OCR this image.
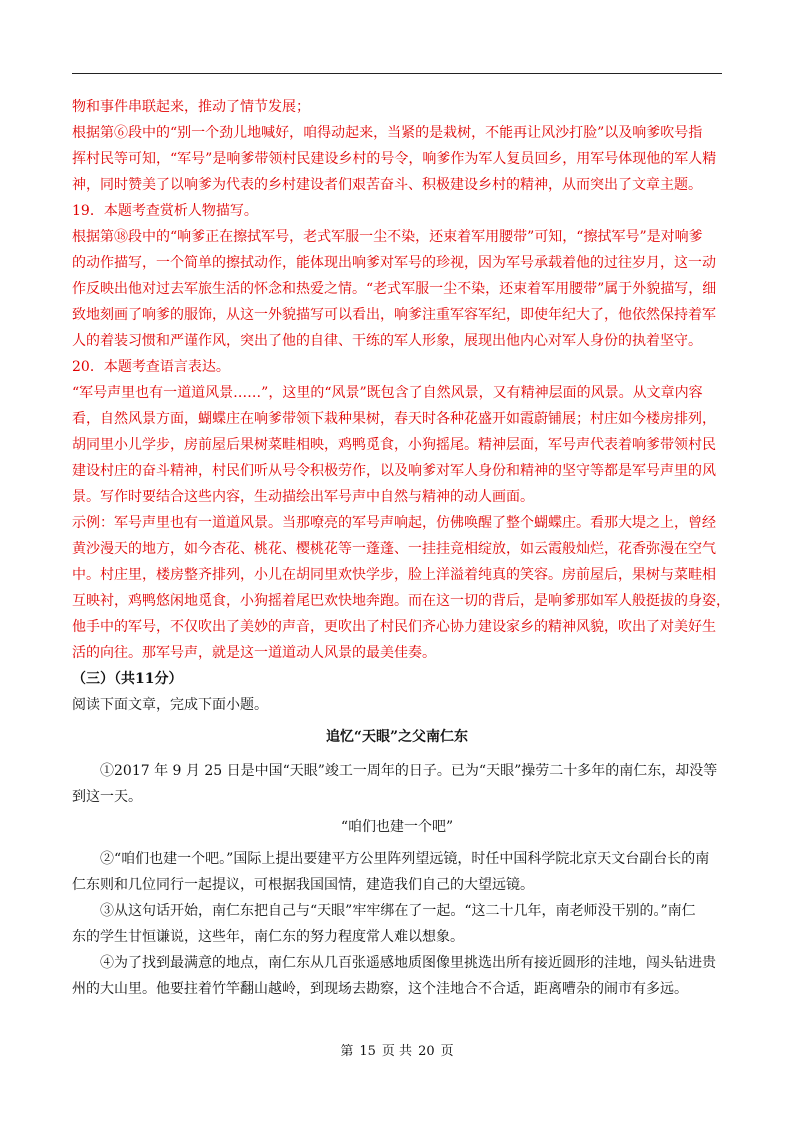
物和事件串联起来，推动了情节发展；

根据第⑥段中的“别一个劲儿地喊好，咱得动起来，当紧的是栽树，不能再让风沙打脸”以及响爹吹号指

挥村民等可知，“军号”是响爹带领村民建设乡村的号令，响爹作为军人复员回乡，用军号体现他的军人精

神，同时赞美了以响爹为代表的乡村建设者们艰苦奋斗、积极建设乡村的精神，从而突出了文章主题。

19．本题考查赏析人物描写。

根据第⑱段中的“响爹正在擦拭军号，老式军服一尘不染，还束着军用腰带”可知，“擦拭军号”是对响爹

的动作描写，一个简单的擦拭动作，能体现出响爹对军号的珍视，因为军号承载着他的过往岁月，这一动

作反映出他对过去军旅生活的怀念和热爱之情。“老式军服一尘不染，还束着军用腰带”属于外貌描写，细

致地刻画了响爹的服饰，从这一外貌描写可以看出，响爹注重军容军纪，即使年纪大了，他依然保持着军

人的着装习惯和严谨作风，突出了他的自律、干练的军人形象，展现出他内心对军人身份的执着坚守。

20．本题考查语言表达。

“军号声里也有一道道风景……”，这里的“风景”既包含了自然风景，又有精神层面的风景。从文章内容

看，自然风景方面，蝴蝶庄在响爹带领下栽种果树，春天时各种花盛开如霞蔚铺展；村庄如今楼房排列，

胡同里小儿学步，房前屋后果树菜畦相映，鸡鸭觅食，小狗摇尾。精神层面，军号声代表着响爹带领村民

建设村庄的奋斗精神，村民们听从号令积极劳作，以及响爹对军人身份和精神的坚守等都是军号声里的风

景。写作时要结合这些内容，生动描绘出军号声中自然与精神的动人画面。

示例：军号声里也有一道道风景。当那嘹亮的军号声响起，仿佛唤醒了整个蝴蝶庄。看那大堤之上，曾经

黄沙漫天的地方，如今杏花、桃花、樱桃花等一蓬蓬、一挂挂竞相绽放，如云霞般灿烂，花香弥漫在空气

中。村庄里，楼房整齐排列，小儿在胡同里欢快学步，脸上洋溢着纯真的笑容。房前屋后，果树与菜畦相

互映衬，鸡鸭悠闲地觅食，小狗摇着尾巴欢快地奔跑。而在这一切的背后，是响爹那如军人般挺拔的身姿，

他手中的军号，不仅吹出了美妙的声音，更吹出了村民们齐心协力建设家乡的精神风貌，吹出了对美好生

活的向往。那军号声，就是这一道道动人风景的最美佳奏。

（三）（共11分）

阅读下面文章，完成下面小题。

追忆“天眼”之父南仁东

①2017 年 9 月 25 日是中国“天眼”竣工一周年的日子。已为“天眼”操劳二十多年的南仁东，却没等

到这一天。

“咱们也建一个吧”

②“咱们也建一个吧。”国际上提出要建平方公里阵列望远镜，时任中国科学院北京天文台副台长的南

仁东则和几位同行一起提议，可根据我国国情，建造我们自己的大望远镜。

③从这句话开始，南仁东把自己与“天眼”牢牢绑在了一起。“这二十几年，南老师没干别的。”南仁

东的学生甘恒谦说，这些年，南仁东的努力程度常人难以想象。

④为了找到最满意的地点，南仁东从几百张遥感地质图像里挑选出所有接近圆形的洼地，闯头钻进贵

州的大山里。他要拄着竹竿翻山越岭，到现场去勘察，这个洼地合不合适，距离嘈杂的闹市有多远。

第 15 页 共 20 页
